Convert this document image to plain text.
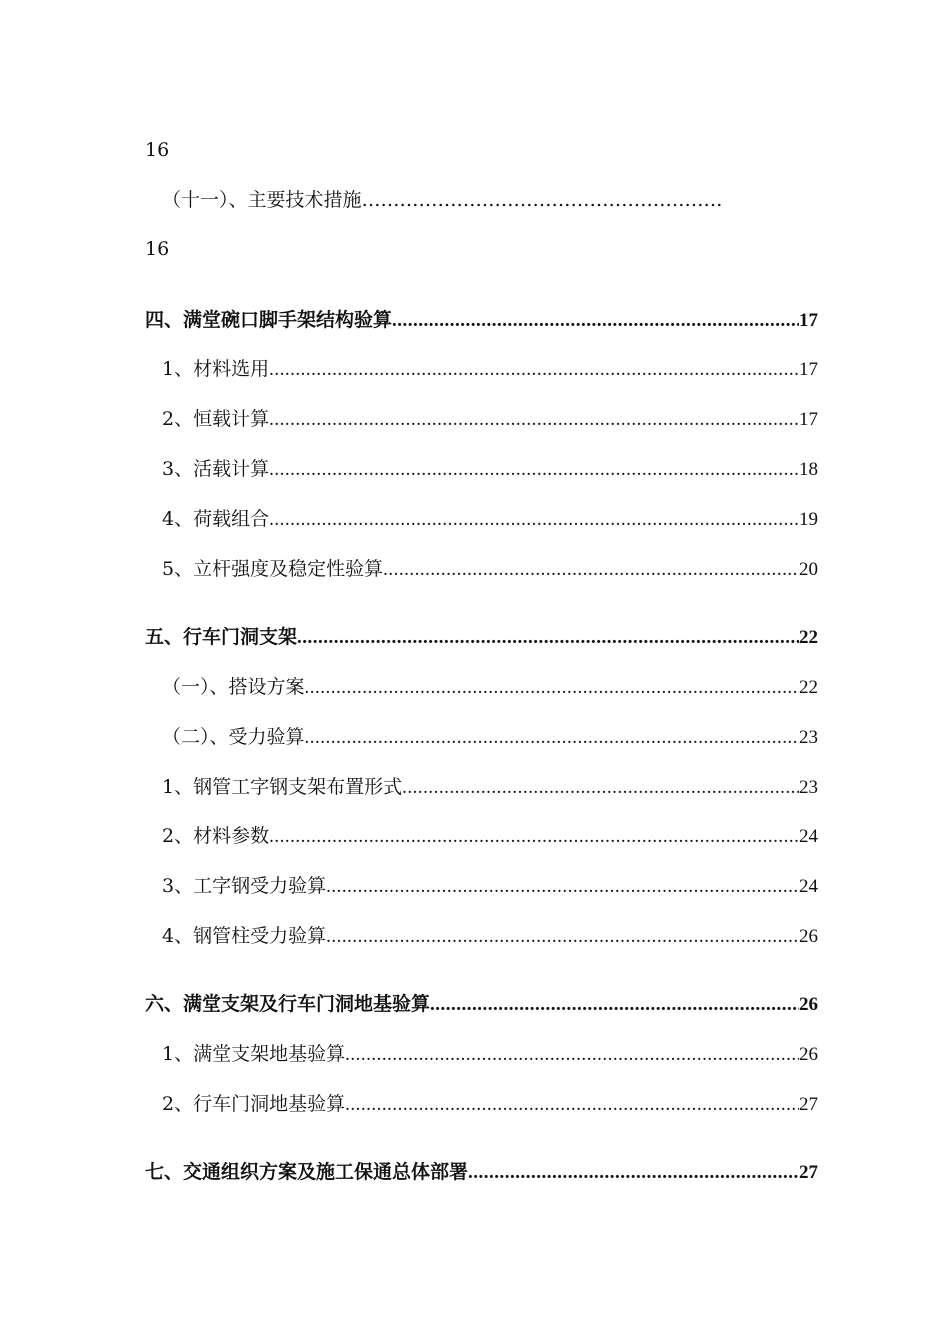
16
（十一）、主要技术措施 …………………………………………………
16
四、满堂碗口脚手架结构验算 .....	17
1、材料选用 .....	17
2、恒载计算 .....	17
3、活载计算 .....	18
4、荷载组合 .....	19
5、立杆强度及稳定性验算 .....	20
五、行车门洞支架 .....	22
（一）、搭设方案 .....	22
（二）、受力验算 .....	23
1、钢管工字钢支架布置形式 .....	23
2、材料参数 .....	24
3、工字钢受力验算 .....	24
4、钢管柱受力验算 .....	26
六、满堂支架及行车门洞地基验算 .....	26
1、满堂支架地基验算 .....	26
2、行车门洞地基验算 .....	27
七、交通组织方案及施工保通总体部署 .....	27
